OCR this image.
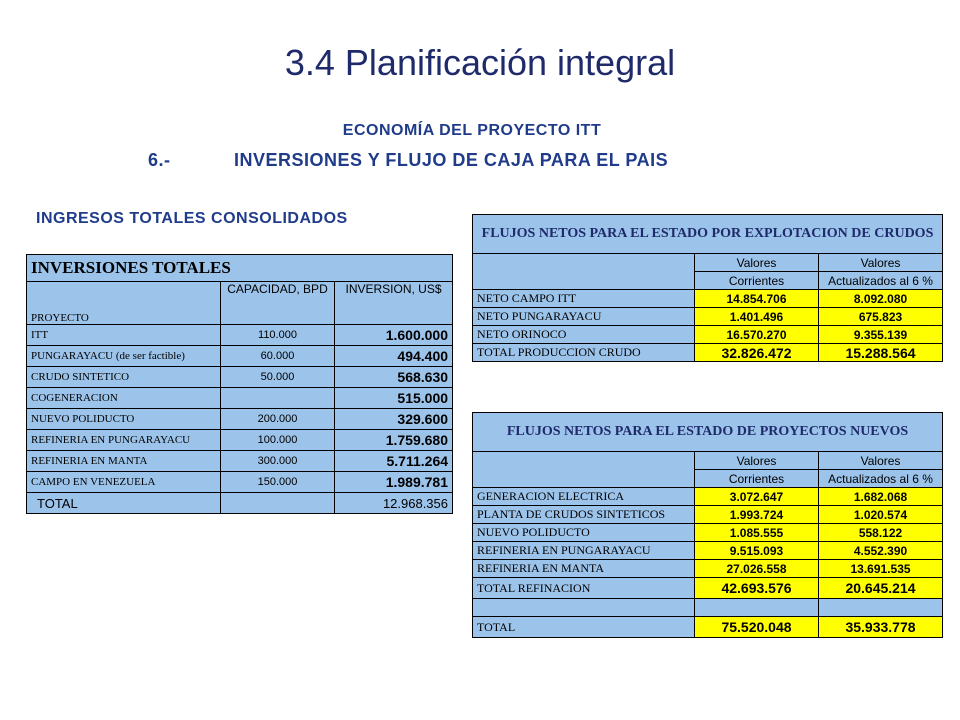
3.4 Planificación integral
ECONOMÍA DEL PROYECTO ITT
6.-	INVERSIONES Y FLUJO DE CAJA PARA EL PAIS
INGRESOS TOTALES CONSOLIDADOS
INVERSIONES TOTALES		
PROYECTO	CAPACIDAD, BPD	INVERSION, US$
ITT	110.000	1.600.000
PUNGARAYACU (de ser factible)	60.000	494.400
CRUDO SINTETICO	50.000	568.630
COGENERACION		515.000
NUEVO POLIDUCTO	200.000	329.600
REFINERIA EN PUNGARAYACU	100.000	1.759.680
REFINERIA EN MANTA	300.000	5.711.264
CAMPO EN VENEZUELA	150.000	1.989.781
TOTAL		12.968.356
FLUJOS NETOS PARA EL ESTADO POR EXPLOTACION DE CRUDOS		
	Valores	Valores
	Corrientes	Actualizados al 6 %
NETO CAMPO ITT	14.854.706	8.092.080
NETO PUNGARAYACU	1.401.496	675.823
NETO ORINOCO	16.570.270	9.355.139
TOTAL PRODUCCION CRUDO	32.826.472	15.288.564
FLUJOS NETOS PARA EL ESTADO DE PROYECTOS NUEVOS		
	Valores	Valores
	Corrientes	Actualizados al 6 %
GENERACION ELECTRICA	3.072.647	1.682.068
PLANTA DE CRUDOS SINTETICOS	1.993.724	1.020.574
NUEVO POLIDUCTO	1.085.555	558.122
REFINERIA EN PUNGARAYACU	9.515.093	4.552.390
REFINERIA EN MANTA	27.026.558	13.691.535
TOTAL REFINACION	42.693.576	20.645.214

TOTAL	75.520.048	35.933.778
